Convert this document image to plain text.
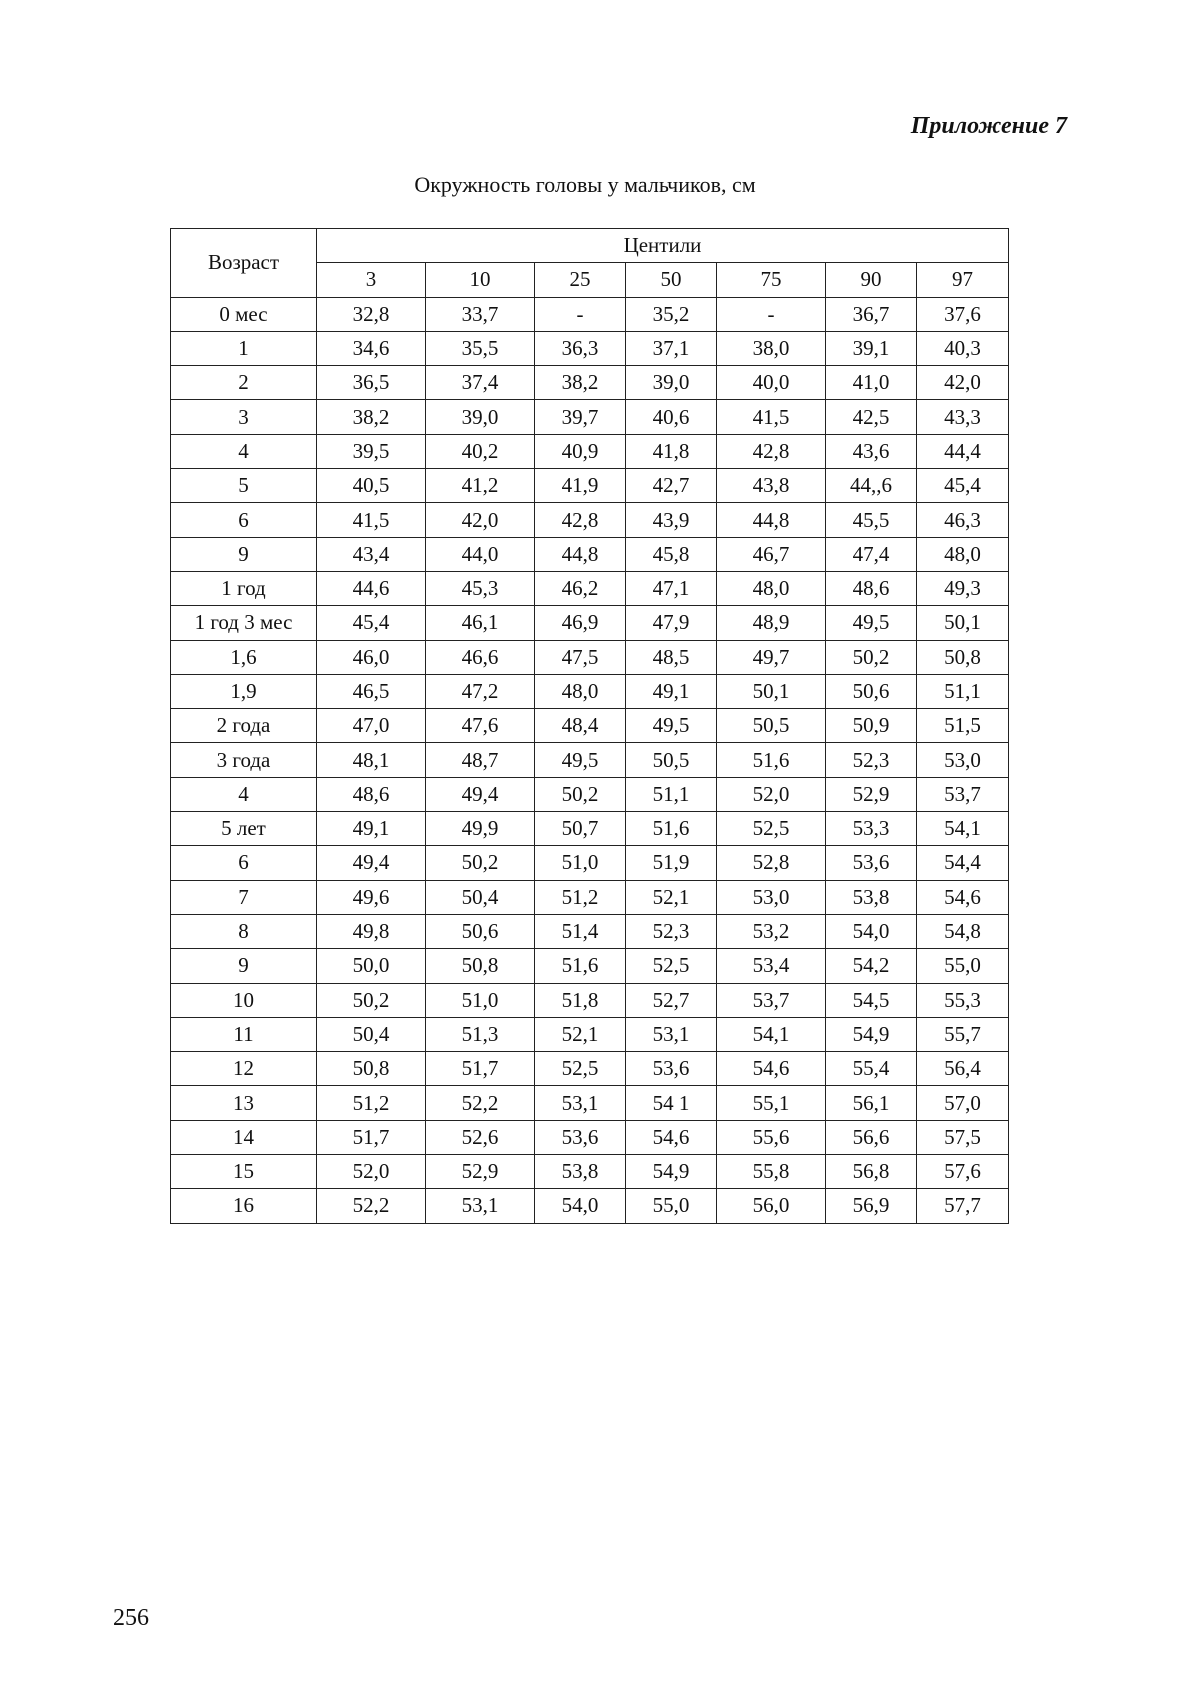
Приложение 7

Окружность головы у мальчиков, см

Возраст	Центили						
	3	10	25	50	75	90	97
0 мес	32,8	33,7	-	35,2	-	36,7	37,6
1	34,6	35,5	36,3	37,1	38,0	39,1	40,3
2	36,5	37,4	38,2	39,0	40,0	41,0	42,0
3	38,2	39,0	39,7	40,6	41,5	42,5	43,3
4	39,5	40,2	40,9	41,8	42,8	43,6	44,4
5	40,5	41,2	41,9	42,7	43,8	44,,6	45,4
6	41,5	42,0	42,8	43,9	44,8	45,5	46,3
9	43,4	44,0	44,8	45,8	46,7	47,4	48,0
1 год	44,6	45,3	46,2	47,1	48,0	48,6	49,3
1 год 3 мес	45,4	46,1	46,9	47,9	48,9	49,5	50,1
1,6	46,0	46,6	47,5	48,5	49,7	50,2	50,8
1,9	46,5	47,2	48,0	49,1	50,1	50,6	51,1
2 года	47,0	47,6	48,4	49,5	50,5	50,9	51,5
3 года	48,1	48,7	49,5	50,5	51,6	52,3	53,0
4	48,6	49,4	50,2	51,1	52,0	52,9	53,7
5 лет	49,1	49,9	50,7	51,6	52,5	53,3	54,1
6	49,4	50,2	51,0	51,9	52,8	53,6	54,4
7	49,6	50,4	51,2	52,1	53,0	53,8	54,6
8	49,8	50,6	51,4	52,3	53,2	54,0	54,8
9	50,0	50,8	51,6	52,5	53,4	54,2	55,0
10	50,2	51,0	51,8	52,7	53,7	54,5	55,3
11	50,4	51,3	52,1	53,1	54,1	54,9	55,7
12	50,8	51,7	52,5	53,6	54,6	55,4	56,4
13	51,2	52,2	53,1	54 1	55,1	56,1	57,0
14	51,7	52,6	53,6	54,6	55,6	56,6	57,5
15	52,0	52,9	53,8	54,9	55,8	56,8	57,6
16	52,2	53,1	54,0	55,0	56,0	56,9	57,7

256
